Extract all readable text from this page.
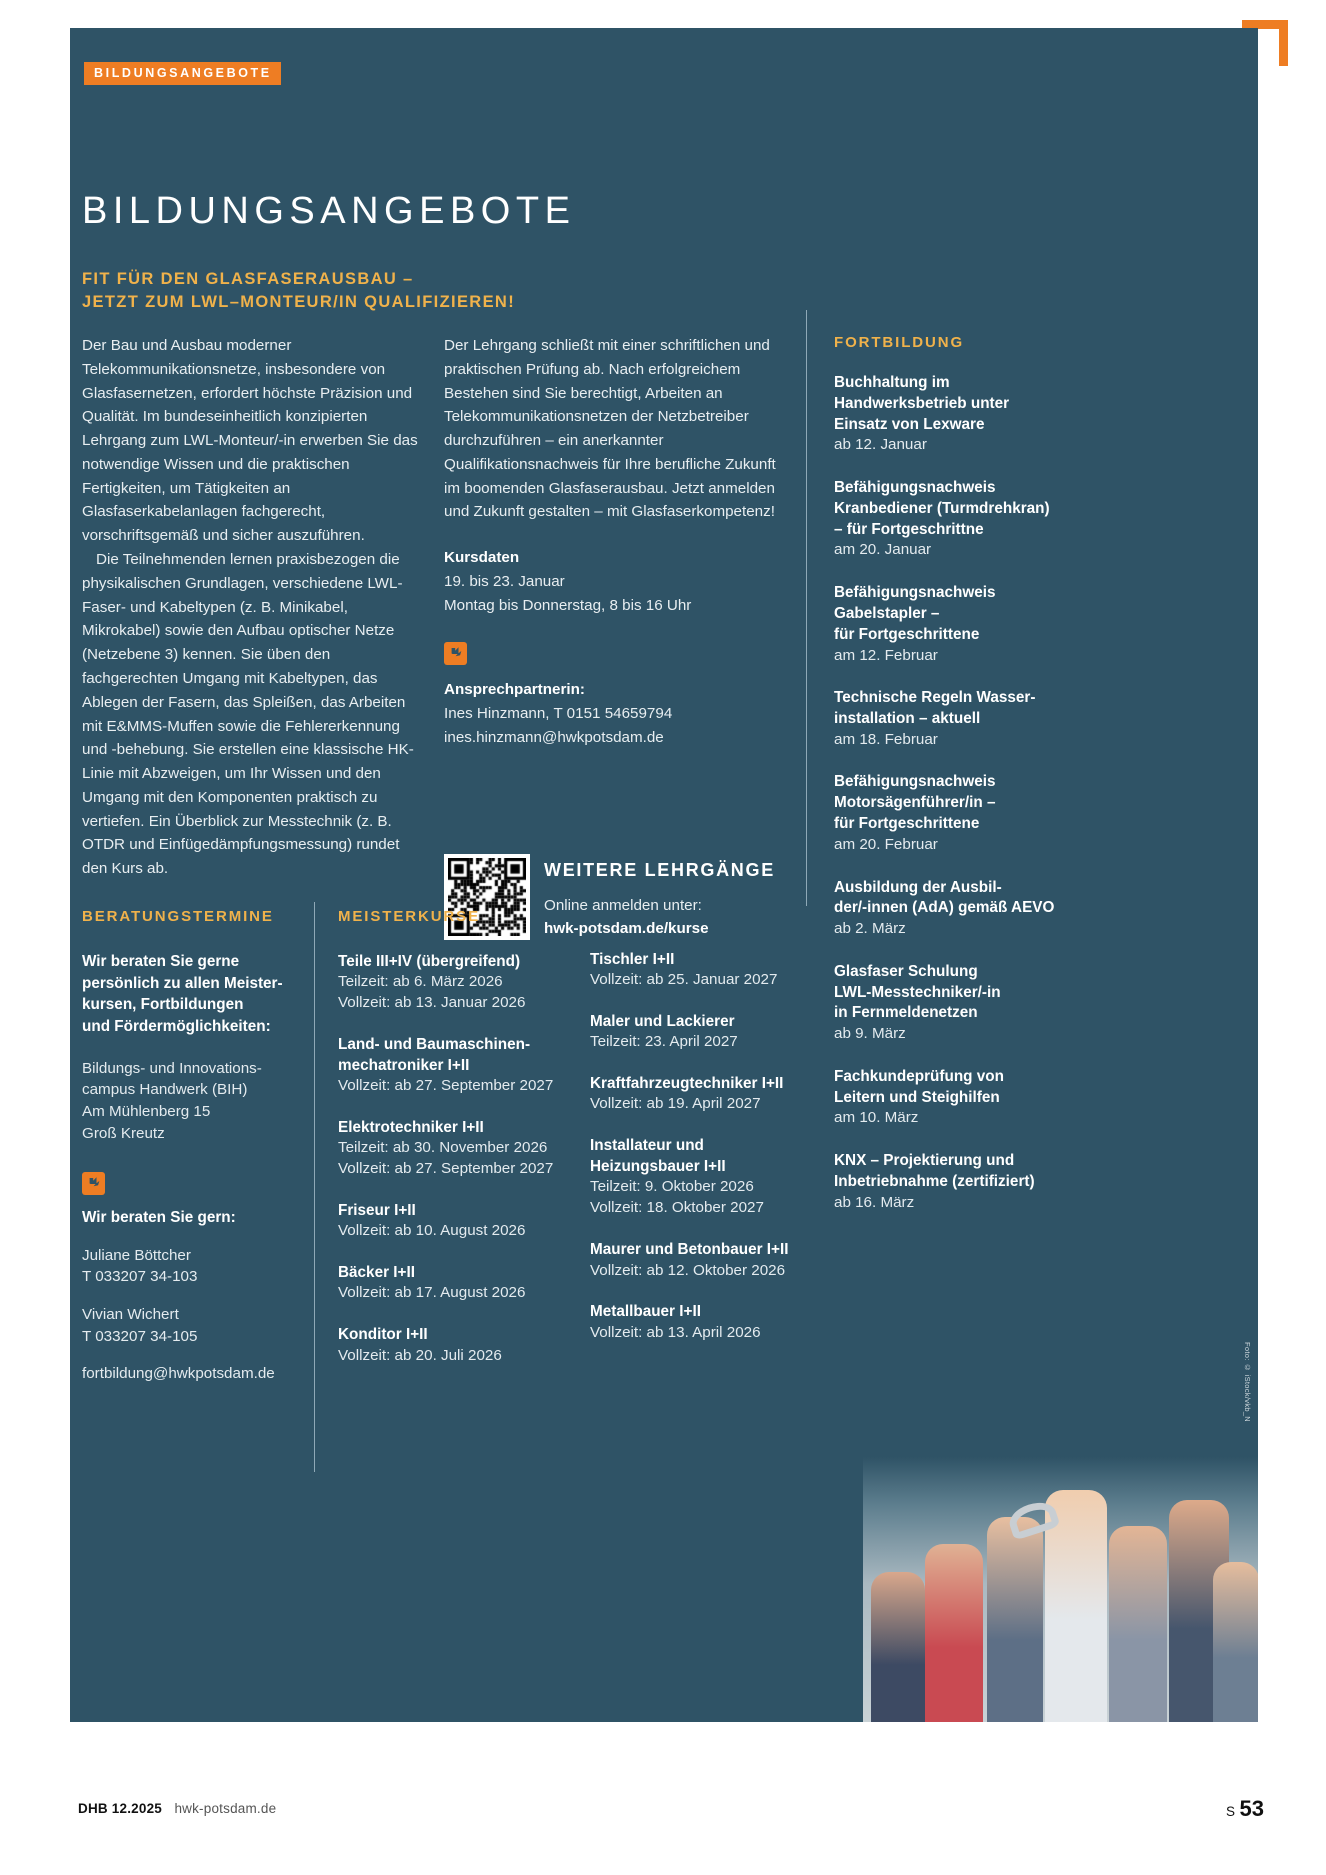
BILDUNGSANGEBOTE
BILDUNGSANGEBOTE
FIT FÜR DEN GLASFASERAUSBAU –
JETZT ZUM LWL–MONTEUR/IN QUALIFIZIEREN!

Der Bau und Ausbau moderner Telekommunikationsnetze, insbesondere von Glasfasernetzen, erfordert höchste Präzision und Qualität. Im bundeseinheitlich konzipierten Lehrgang zum LWL-Monteur/-in erwerben Sie das notwendige Wissen und die praktischen Fertigkeiten, um Tätigkeiten an Glasfaserkabelanlagen fachgerecht, vorschriftsgemäß und sicher auszuführen.

Die Teilnehmenden lernen praxisbezogen die physikalischen Grundlagen, verschiedene LWL-Faser- und Kabeltypen (z. B. Minikabel, Mikrokabel) sowie den Aufbau optischer Netze (Netzebene 3) kennen. Sie üben den fachgerechten Umgang mit Kabeltypen, das Ablegen der Fasern, das Spleißen, das Arbeiten mit E&MMS-Muffen sowie die Fehlererkennung und -behebung. Sie erstellen eine klassische HK-Linie mit Abzweigen, um Ihr Wissen und den Umgang mit den Komponenten praktisch zu vertiefen. Ein Überblick zur Messtechnik (z. B. OTDR und Einfügedämpfungsmessung) rundet den Kurs ab.

Der Lehrgang schließt mit einer schriftlichen und praktischen Prüfung ab. Nach erfolgreichem Bestehen sind Sie berechtigt, Arbeiten an Telekommunikationsnetzen der Netzbetreiber durchzuführen – ein anerkannter Qualifikationsnachweis für Ihre berufliche Zukunft im boomenden Glasfaserausbau. Jetzt anmelden und Zukunft gestalten – mit Glasfaserkompetenz!

Kursdaten
19. bis 23. Januar
Montag bis Donnerstag, 8 bis 16 Uhr
Ansprechpartnerin:
Ines Hinzmann, T 0151 54659794
ines.hinzmann@hwkpotsdam.de
WEITERE LEHRGÄNGE
Online anmelden unter:
hwk-potsdam.de/kurse
FORTBILDUNG
Buchhaltung im
Handwerksbetrieb unter
Einsatz von Lexware
ab 12. Januar
Befähigungsnachweis
Kranbediener (Turmdrehkran)
– für Fortgeschrittne
am 20. Januar
Befähigungsnachweis
Gabelstapler –
für Fortgeschrittene
am 12. Februar
Technische Regeln Wasser-
installation – aktuell
am 18. Februar
Befähigungsnachweis
Motorsägenführer/in –
für Fortgeschrittene
am 20. Februar
Ausbildung der Ausbil-
der/-innen (AdA) gemäß AEVO
ab 2. März
Glasfaser Schulung
LWL-Messtechniker/-in
in Fernmeldenetzen
ab 9. März
Fachkundeprüfung von
Leitern und Steighilfen
am 10. März
KNX – Projektierung und
Inbetriebnahme (zertifiziert)
ab 16. März
BERATUNGSTERMINE
Wir beraten Sie gerne
persönlich zu allen Meister-
kursen, Fortbildungen
und Fördermöglichkeiten:
Bildungs- und Innovations-
campus Handwerk (BIH)
Am Mühlenberg 15
Groß Kreutz
Wir beraten Sie gern:
Juliane Böttcher
T 033207 34-103
Vivian Wichert
T 033207 34-105
fortbildung@hwkpotsdam.de
MEISTERKURSE
Teile III+IV (übergreifend)
Teilzeit: ab 6. März 2026
Vollzeit: ab 13. Januar 2026
Land- und Baumaschinen-
mechatroniker I+II
Vollzeit: ab 27. September 2027
Elektrotechniker I+II
Teilzeit: ab 30. November 2026
Vollzeit: ab 27. September 2027
Friseur I+II
Vollzeit: ab 10. August 2026
Bäcker I+II
Vollzeit: ab 17. August 2026
Konditor I+II
Vollzeit: ab 20. Juli 2026
Tischler I+II
Vollzeit: ab 25. Januar 2027
Maler und Lackierer
Teilzeit: 23. April 2027
Kraftfahrzeugtechniker I+II
Vollzeit: ab 19. April 2027
Installateur und
Heizungsbauer I+II
Teilzeit: 9. Oktober 2026
Vollzeit: 18. Oktober 2027
Maurer und Betonbauer I+II
Vollzeit: ab 12. Oktober 2026
Metallbauer I+II
Vollzeit: ab 13. April 2026
Foto: © iStock/vkb_N
DHB 12.2025 hwk-potsdam.de	S 53
